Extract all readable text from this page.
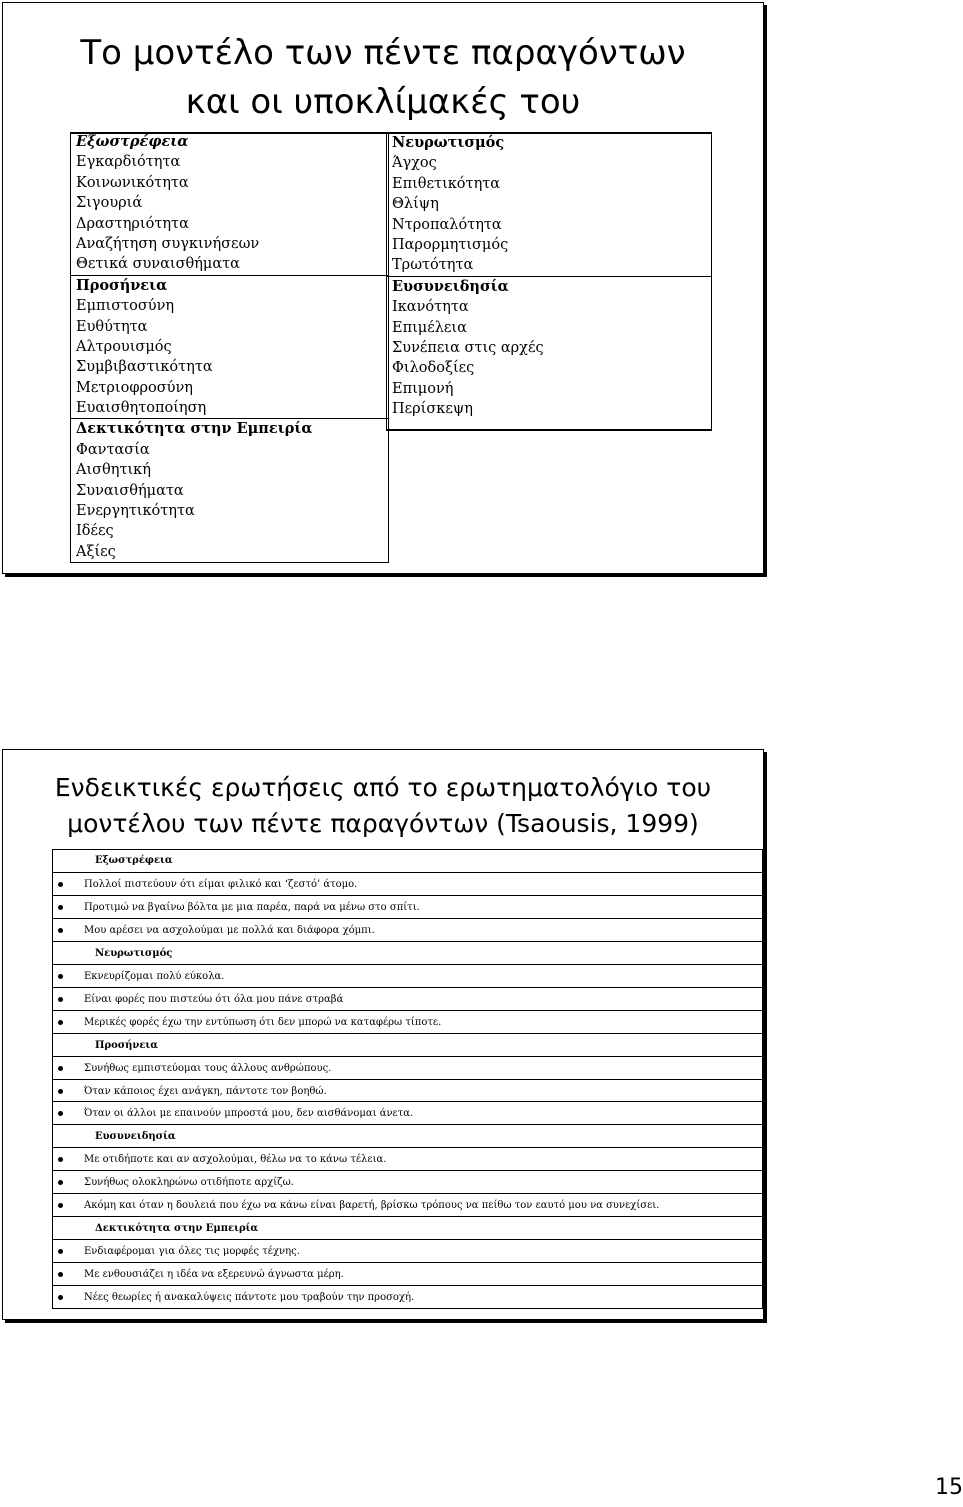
Το μοντέλο των πέντε παραγόντων
και οι υποκλίμακές του
Εξωστρέφεια
Εγκαρδιότητα
Κοινωνικότητα
Σιγουριά
Δραστηριότητα
Αναζήτηση συγκινήσεων
Θετικά συναισθήματα
Προσήνεια
Εμπιστοσύνη
Ευθύτητα
Αλτρουισμός
Συμβιβαστικότητα
Μετριοφροσύνη
Ευαισθητοποίηση
Δεκτικότητα στην Εμπειρία
Φαντασία
Αισθητική
Συναισθήματα
Ενεργητικότητα
Ιδέες
Αξίες
Νευρωτισμός
Άγχος
Επιθετικότητα
Θλίψη
Ντροπαλότητα
Παρορμητισμός
Τρωτότητα
Ευσυνειδησία
Ικανότητα
Επιμέλεια
Συνέπεια στις αρχές
Φιλοδοξίες
Επιμονή
Περίσκεψη
Ενδεικτικές ερωτήσεις από το ερωτηματολόγιο του
μοντέλου των πέντε παραγόντων (Tsaousis, 1999)
Εξωστρέφεια
Πολλοί πιστεύουν ότι είμαι φιλικό και ‘ζεστό’ άτομο.
Προτιμώ να βγαίνω βόλτα με μια παρέα, παρά να μένω στο σπίτι.
Μου αρέσει να ασχολούμαι με πολλά και διάφορα χόμπι.
Νευρωτισμός
Εκνευρίζομαι πολύ εύκολα.
Είναι φορές που πιστεύω ότι όλα μου πάνε στραβά
Μερικές φορές έχω την εντύπωση ότι δεν μπορώ να καταφέρω τίποτε.
Προσήνεια
Συνήθως εμπιστεύομαι τους άλλους ανθρώπους.
Όταν κάποιος έχει ανάγκη, πάντοτε τον βοηθώ.
Όταν οι άλλοι με επαινούν μπροστά μου, δεν αισθάνομαι άνετα.
Ευσυνειδησία
Με οτιδήποτε και αν ασχολούμαι, θέλω να το κάνω τέλεια.
Συνήθως ολοκληρώνω οτιδήποτε αρχίζω.
Ακόμη και όταν η δουλειά που έχω να κάνω είναι βαρετή, βρίσκω τρόπους να πείθω τον εαυτό μου να συνεχίσει.
Δεκτικότητα στην Εμπειρία
Ενδιαφέρομαι για όλες τις μορφές τέχνης.
Με ενθουσιάζει η ιδέα να εξερευνώ άγνωστα μέρη.
Νέες θεωρίες ή ανακαλύψεις πάντοτε μου τραβούν την προσοχή.
15
